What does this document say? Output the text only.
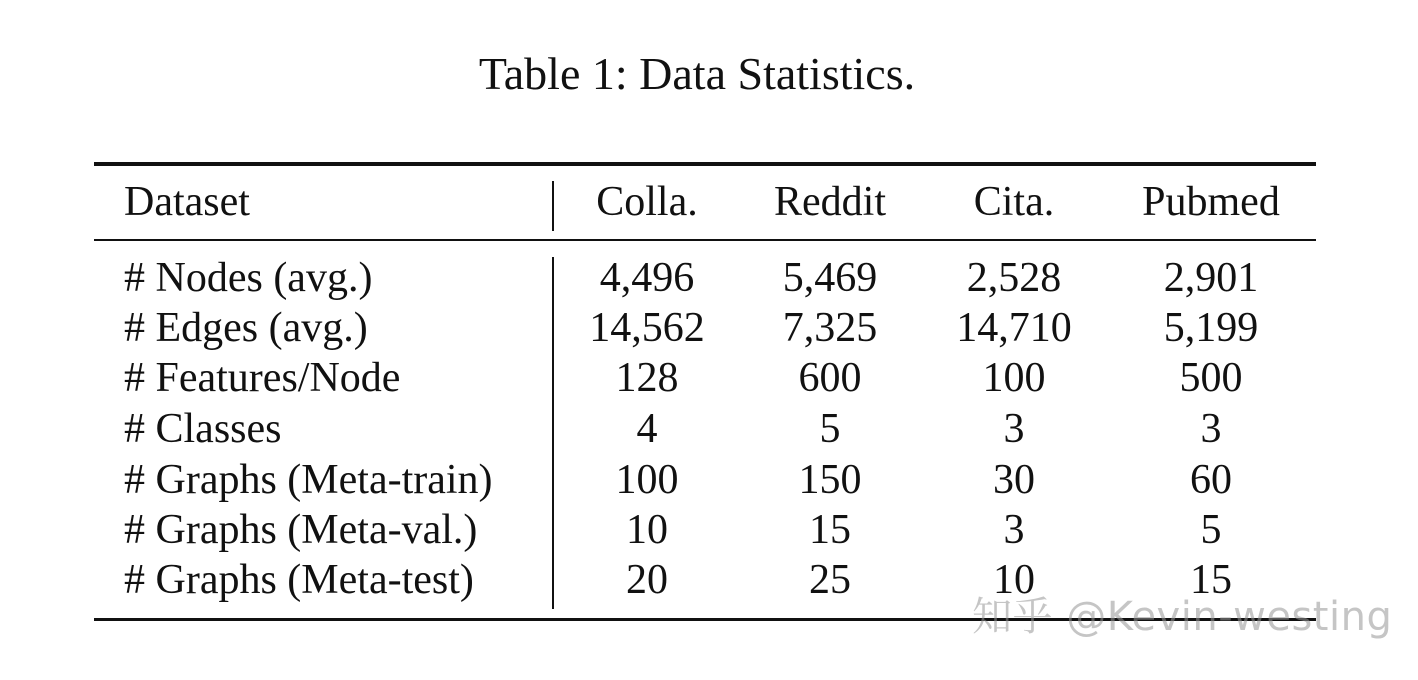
Table 1: Data Statistics.
Dataset	Colla.	Reddit	Cita.	Pubmed
# Nodes (avg.)	4,496	5,469	2,528	2,901
# Edges (avg.)	14,562	7,325	14,710	5,199
# Features/Node	128	600	100	500
# Classes	4	5	3	3
# Graphs (Meta-train)	100	150	30	60
# Graphs (Meta-val.)	10	15	3	5
# Graphs (Meta-test)	20	25	10	15
知乎 @Kevin-westing
